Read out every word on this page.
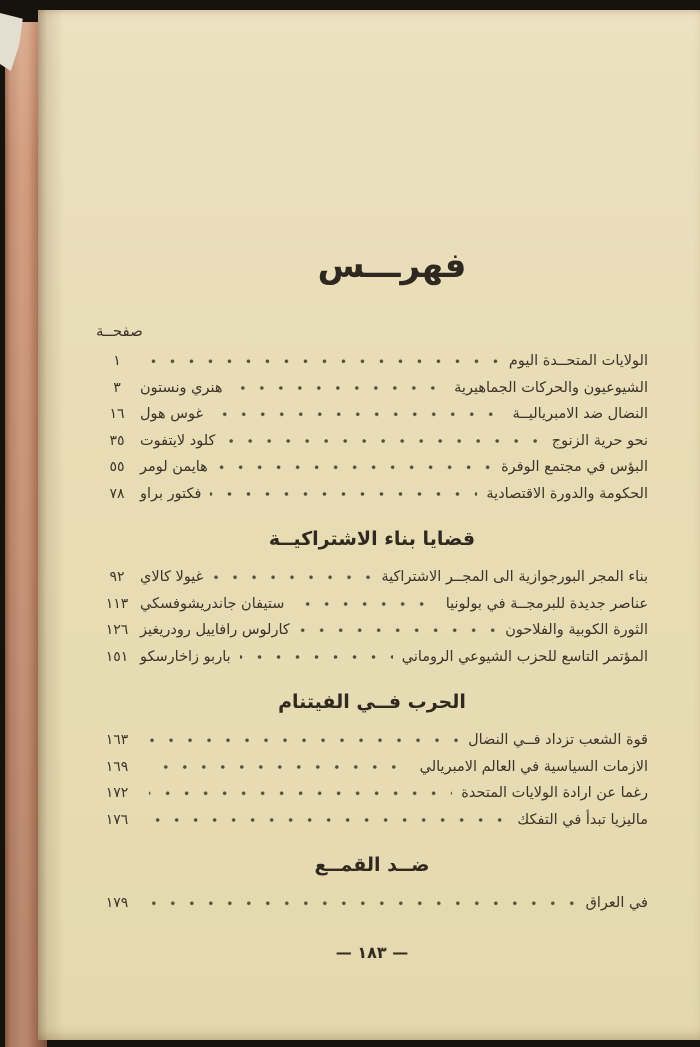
فهرـــس
صفحــة
الولايات المتحــدة اليوم
١
الشيوعيون والحركات الجماهيرية
هنري ونستون
٣
النضال ضد الامبرياليــة
غوس هول
١٦
نحو حرية الزنوج
كلود لايتفوت
٣٥
البؤس في مجتمع الوفرة
هايمن لومر
٥٥
الحكومة والدورة الاقتصادية
فكتور براو
٧٨
قضايا بناء الاشتراكيــة
بناء المجر البورجوازية الى المجــر الاشتراكية
غيولا كالاي
٩٢
عناصر جديدة للبرمجــة في بولونيا
ستيفان جاندريشوفسكي
١١٣
الثورة الكوبية والفلاحون
كارلوس رافاييل رودريغيز
١٢٦
المؤتمر التاسع للحزب الشيوعي الروماني
باربو زاخارسكو
١٥١
الحرب فــي الفيتنام
قوة الشعب تزداد فــي النضال
١٦٣
الازمات السياسية في العالم الامبريالي
١٦٩
رغما عن ارادة الولايات المتحدة
١٧٢
ماليزيا تبدأ في التفكك
١٧٦
ضــد القمــع
في العراق
١٧٩
— ١٨٣ —
